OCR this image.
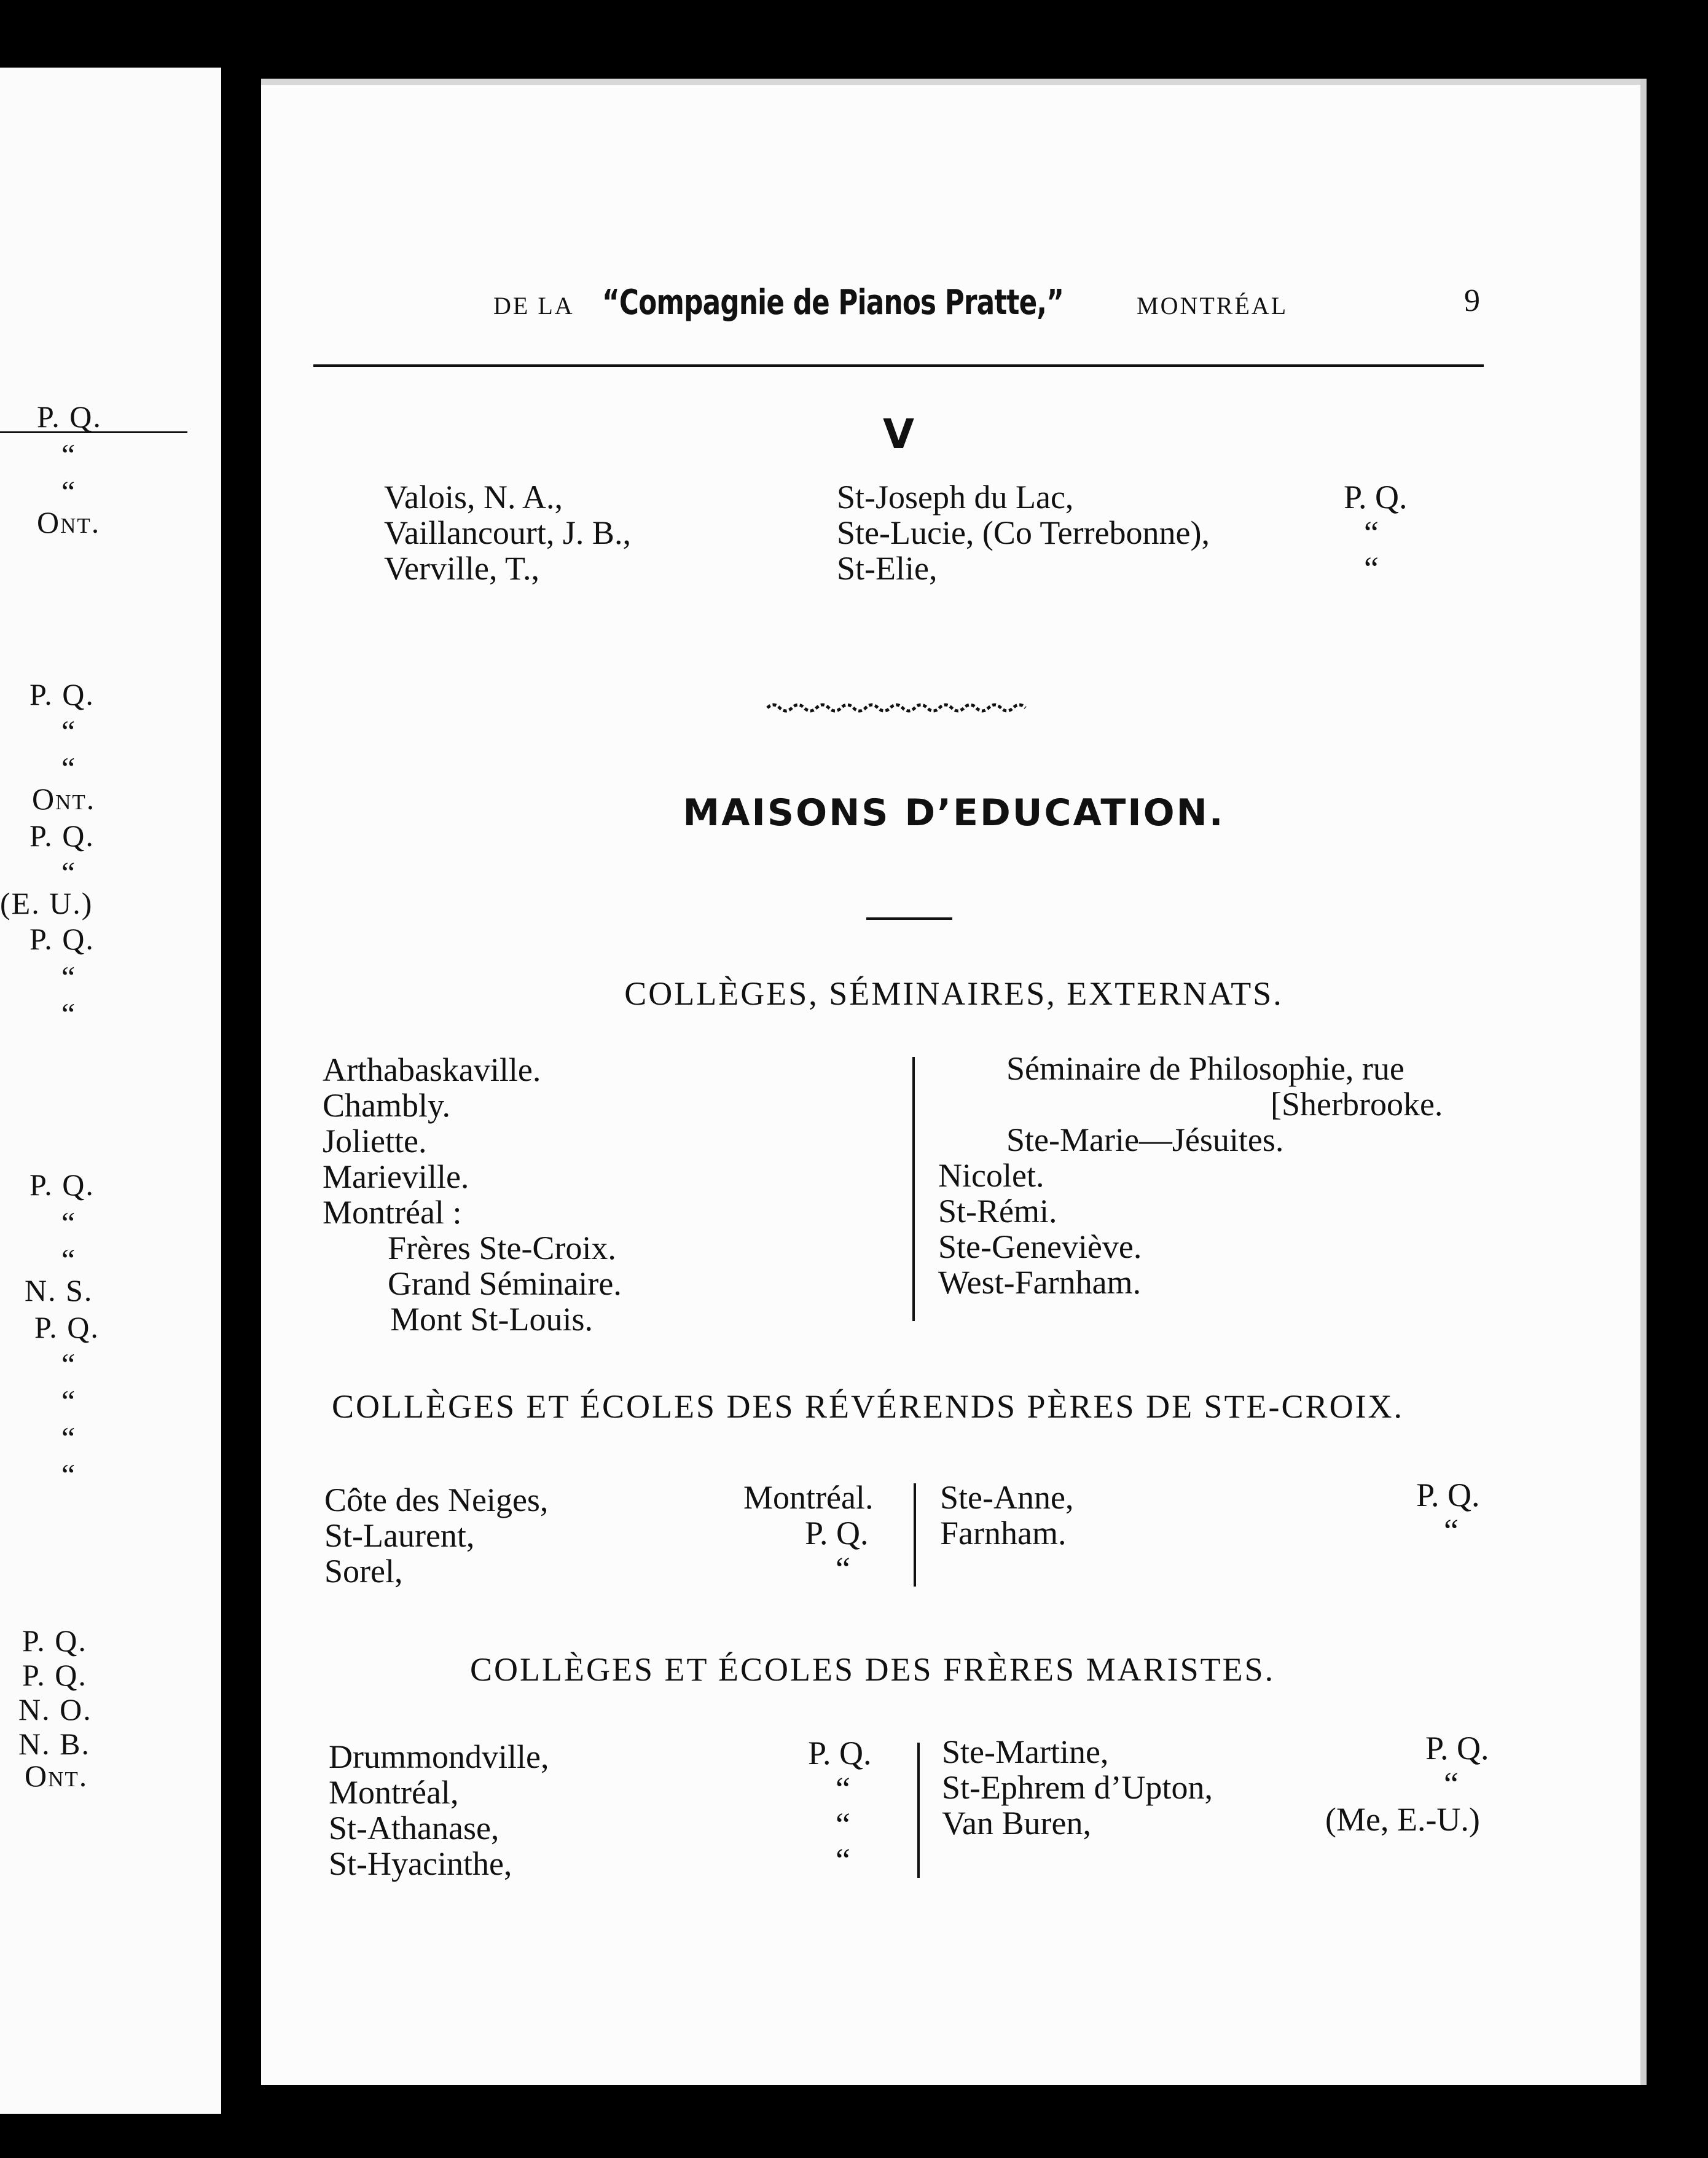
P. Q.
“
“
Ont.
P. Q.
“
“
Ont.
P. Q.
“
(E. U.)
P. Q.
“
“
P. Q.
“
“
N. S.
P. Q.
“
“
“
“
P. Q.
P. Q.
N. O.
N. B.
Ont.
DE LA “Compagnie de Pianos Pratte,”	MONTRÉAL	9
V
Valois, N. A.,
Vaillancourt, J. B.,
Verville, T.,
St-Joseph du Lac,
Ste-Lucie, (Co Terrebonne),
St-Elie,
P. Q.
“
“
MAISONS D’EDUCATION.
COLLÈGES, SÉMINAIRES, EXTERNATS.
Arthabaskaville.
Chambly.
Joliette.
Marieville.
Montréal :
Frères Ste-Croix.
Grand Séminaire.
Mont St-Louis.
Séminaire de Philosophie, rue
[Sherbrooke.
Ste-Marie—Jésuites.
Nicolet.
St-Rémi.
Ste-Geneviève.
West-Farnham.
COLLÈGES ET ÉCOLES DES RÉVÉRENDS PÈRES DE STE-CROIX.
Côte des Neiges,
St-Laurent,
Sorel,
Montréal.
P. Q.
“
Ste-Anne,
Farnham.
P. Q.
“
COLLÈGES ET ÉCOLES DES FRÈRES MARISTES.
Drummondville,
Montréal,
St-Athanase,
St-Hyacinthe,
P. Q.
“
“
“
Ste-Martine,
St-Ephrem d’Upton,
Van Buren,
P. Q.
“
(Me, E.-U.)
